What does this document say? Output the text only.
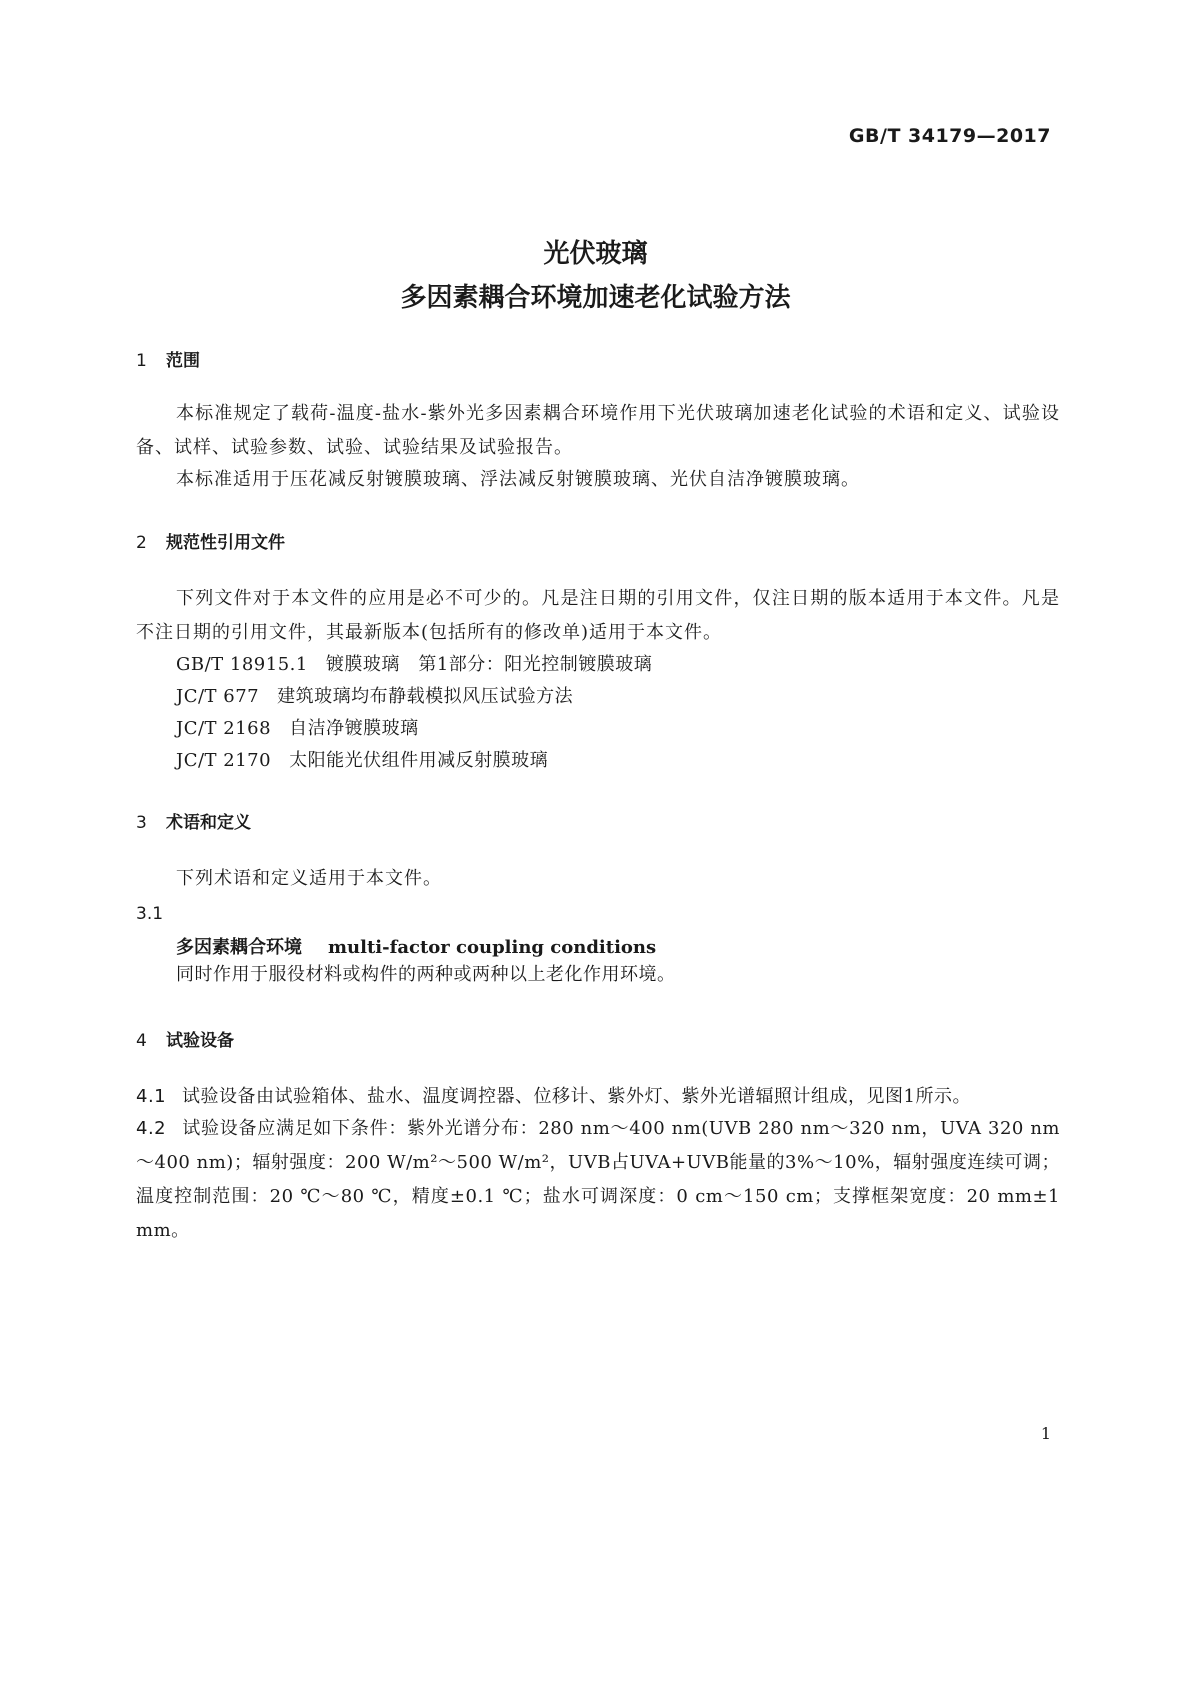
GB/T 34179—2017
光伏玻璃
多因素耦合环境加速老化试验方法
1 范围
本标准规定了载荷-温度-盐水-紫外光多因素耦合环境作用下光伏玻璃加速老化试验的术语和定义、试验设备、试样、试验参数、试验、试验结果及试验报告。
本标准适用于压花减反射镀膜玻璃、浮法减反射镀膜玻璃、光伏自洁净镀膜玻璃。
2 规范性引用文件
下列文件对于本文件的应用是必不可少的。凡是注日期的引用文件，仅注日期的版本适用于本文件。凡是不注日期的引用文件，其最新版本(包括所有的修改单)适用于本文件。
GB/T 18915.1 镀膜玻璃　第1部分：阳光控制镀膜玻璃
JC/T 677 建筑玻璃均布静载模拟风压试验方法
JC/T 2168 自洁净镀膜玻璃
JC/T 2170 太阳能光伏组件用减反射膜玻璃
3 术语和定义
下列术语和定义适用于本文件。
3.1
多因素耦合环境 multi-factor coupling conditions
同时作用于服役材料或构件的两种或两种以上老化作用环境。
4 试验设备
4.1 试验设备由试验箱体、盐水、温度调控器、位移计、紫外灯、紫外光谱辐照计组成，见图1所示。
4.2 试验设备应满足如下条件：紫外光谱分布：280 nm～400 nm(UVB 280 nm～320 nm，UVA 320 nm～400 nm)；辐射强度：200 W/m²～500 W/m²，UVB占UVA+UVB能量的3%～10%，辐射强度连续可调；温度控制范围：20 ℃～80 ℃，精度±0.1 ℃；盐水可调深度：0 cm～150 cm；支撑框架宽度：20 mm±1 mm。
1
